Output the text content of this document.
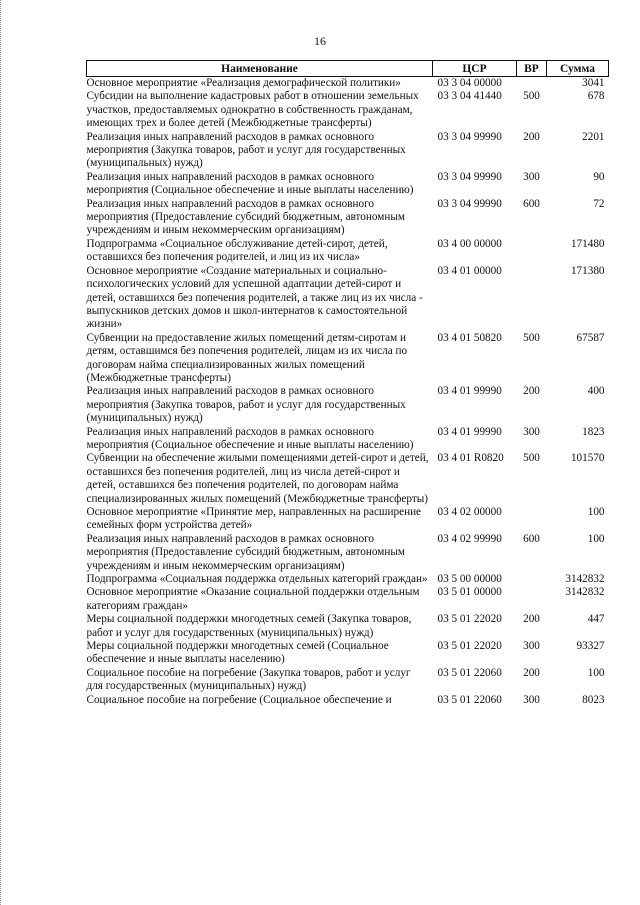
16
Наименование	ЦСР	ВР	Сумма
Основное мероприятие «Реализация демографической политики»	03 3 04 00000		3041
Субсидии на выполнение кадастровых работ в отношении земельных участков, предоставляемых однократно в собственность гражданам, имеющих трех и более детей (Межбюджетные трансферты)	03 3 04 41440	500	678
Реализация иных направлений расходов в рамках основного мероприятия (Закупка товаров, работ и услуг для государственных (муниципальных) нужд)	03 3 04 99990	200	2201
Реализация иных направлений расходов в рамках основного мероприятия (Социальное обеспечение и иные выплаты населению)	03 3 04 99990	300	90
Реализация иных направлений расходов в рамках основного мероприятия (Предоставление субсидий бюджетным, автономным учреждениям и иным некоммерческим организациям)	03 3 04 99990	600	72
Подпрограмма «Социальное обслуживание детей-сирот, детей, оставшихся без попечения родителей, и лиц из их числа»	03 4 00 00000		171480
Основное мероприятие «Создание материальных и социально-психологических условий для успешной адаптации детей-сирот и детей, оставшихся без попечения родителей, а также лиц из их числа - выпускников детских домов и школ-интернатов к самостоятельной жизни»	03 4 01 00000		171380
Субвенции на предоставление жилых помещений детям-сиротам и детям, оставшимся без попечения родителей, лицам из их числа по договорам найма специализированных жилых помещений (Межбюджетные трансферты)	03 4 01 50820	500	67587
Реализация иных направлений расходов в рамках основного мероприятия (Закупка товаров, работ и услуг для государственных (муниципальных) нужд)	03 4 01 99990	200	400
Реализация иных направлений расходов в рамках основного мероприятия (Социальное обеспечение и иные выплаты населению)	03 4 01 99990	300	1823
Субвенции на обеспечение жилыми помещениями детей-сирот и детей, оставшихся без попечения родителей, лиц из числа детей-сирот и детей, оставшихся без попечения родителей, по договорам найма специализированных жилых помещений (Межбюджетные трансферты)	03 4 01 R0820	500	101570
Основное мероприятие «Принятие мер, направленных на расширение семейных форм устройства детей»	03 4 02 00000		100
Реализация иных направлений расходов в рамках основного мероприятия (Предоставление субсидий бюджетным, автономным учреждениям и иным некоммерческим организациям)	03 4 02 99990	600	100
Подпрограмма «Социальная поддержка отдельных категорий граждан»	03 5 00 00000		3142832
Основное мероприятие «Оказание социальной поддержки отдельным категориям граждан»	03 5 01 00000		3142832
Меры социальной поддержки многодетных семей (Закупка товаров, работ и услуг для государственных (муниципальных) нужд)	03 5 01 22020	200	447
Меры социальной поддержки многодетных семей (Социальное обеспечение и иные выплаты населению)	03 5 01 22020	300	93327
Социальное пособие на погребение (Закупка товаров, работ и услуг для государственных (муниципальных) нужд)	03 5 01 22060	200	100
Социальное пособие на погребение (Социальное обеспечение и	03 5 01 22060	300	8023
